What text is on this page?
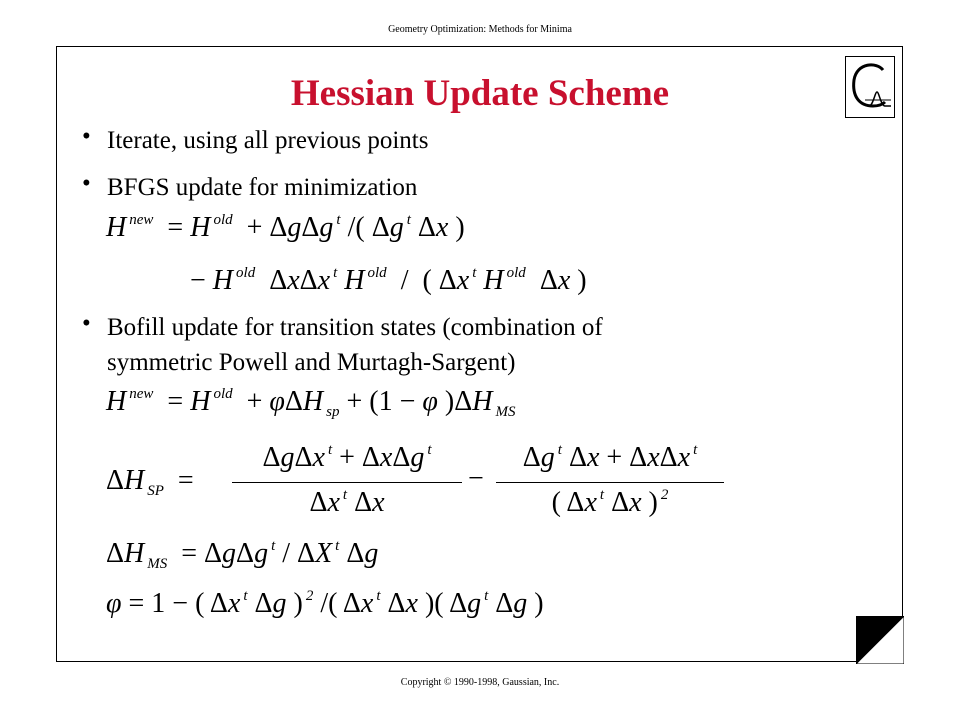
Geometry Optimization: Methods for Minima
Hessian Update Scheme
• Iterate, using all previous points
• BFGS update for minimization
H $^{new}$  = H $^{old}$  + ΔgΔg $^t$ /( Δg $^t$ Δx )
− H $^{old}$  ΔxΔx $^t$ H $^{old}$  /  ( Δx $^t$ H $^{old}$  Δx )
• Bofill update for transition states (combination of
symmetric Powell and Murtagh-Sargent)
H $^{new}$  = H $^{old}$  + φΔH $_{sp}$ + (1 − φ )ΔH $_{MS}$
ΔH $_{SP}$  =
ΔgΔx $^t$ + ΔxΔg $^t$
Δx $^t$ Δx
−
Δg $^t$ Δx + ΔxΔx $^t$
( Δx $^t$ Δx ) $^2$
ΔH $_{MS}$  = ΔgΔg $^t$ / ΔX $^t$ Δg
φ = 1 − ( Δx $^t$ Δg ) $^2$ /( Δx $^t$ Δx )( Δg $^t$ Δg )
Copyright © 1990-1998, Gaussian, Inc.
